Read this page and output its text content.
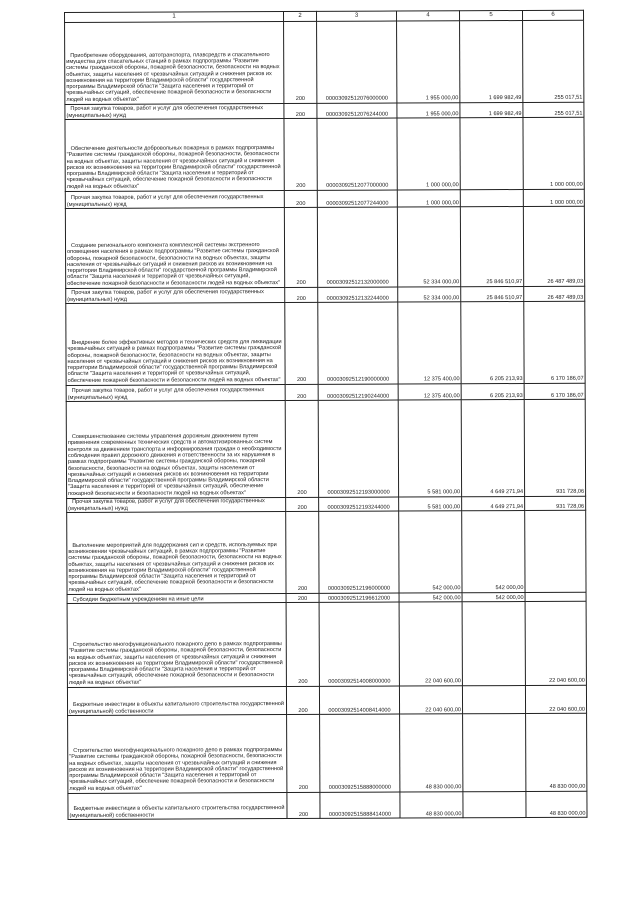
1	2	3	4	5	6
Приобретение оборудования, автотранспорта, плавсредств и спасательного имущества для спасательных станций в рамках подпрограммы "Развитие системы гражданской обороны, пожарной безопасности, безопасности на водных объектах, защиты населения от чрезвычайных ситуаций и снижения рисков их возникновения на территории Владимирской области" государственной программы Владимирской области "Защита населения и территорий от чрезвычайных ситуаций, обеспечение пожарной безопасности и безопасности людей на водных объектах"	200	00003092512076000000	1 955 000,00	1 699 982,49	255 017,51
Прочая закупка товаров, работ и услуг для обеспечения государственных (муниципальных) нужд	200	00003092512076244000	1 955 000,00	1 699 982,49	255 017,51
Обеспечение деятельности добровольных пожарных в рамках подпрограммы "Развитие системы гражданской обороны, пожарной безопасности, безопасности на водных объектах, защиты населения от чрезвычайных ситуаций и снижения рисков их возникновения на территории Владимирской области" государственной программы Владимирской области "Защита населения и территорий от чрезвычайных ситуаций, обеспечение пожарной безопасности и безопасности людей на водных объектах"	200	00003092512077000000	1 000 000,00		1 000 000,00
Прочая закупка товаров, работ и услуг для обеспечения государственных (муниципальных) нужд	200	00003092512077244000	1 000 000,00		1 000 000,00
Создание регионального компонента комплексной системы экстренного оповещения населения в рамках подпрограммы "Развитие системы гражданской обороны, пожарной безопасности, безопасности на водных объектах, защиты населения от чрезвычайных ситуаций и снижения рисков их возникновения на территории Владимирской области" государственной программы Владимирской области "Защита населения и территорий от чрезвычайных ситуаций, обеспечение пожарной безопасности и безопасности людей на водных объектах"	200	00003092512132000000	52 334 000,00	25 846 510,97	26 487 489,03
Прочая закупка товаров, работ и услуг для обеспечения государственных (муниципальных) нужд	200	00003092512132244000	52 334 000,00	25 846 510,97	26 487 489,03
Внедрение более эффективных методов и технических средств для ликвидации чрезвычайных ситуаций в рамках подпрограммы "Развитие системы гражданской обороны, пожарной безопасности, безопасности на водных объектах, защиты населения от чрезвычайных ситуаций и снижения рисков их возникновения на территории Владимирской области" государственной программы Владимирской области "Защита населения и территорий от чрезвычайных ситуаций, обеспечение пожарной безопасности и безопасности людей на водных объектах"	200	00003092512190000000	12 375 400,00	6 205 213,93	6 170 186,07
Прочая закупка товаров, работ и услуг для обеспечения государственных (муниципальных) нужд	200	00003092512190244000	12 375 400,00	6 205 213,93	6 170 186,07
Совершенствование системы управления дорожным движением путем применения современных технических средств и автоматизированных систем контроля за движением транспорта и информирования граждан о необходимости соблюдения правил дорожного движения и ответственности за их нарушения в рамках подпрограммы "Развитие системы гражданской обороны, пожарной безопасности, безопасности на водных объектах, защиты населения от чрезвычайных ситуаций и снижения рисков их возникновения на территории Владимирской области" государственной программы Владимирской области "Защита населения и территорий от чрезвычайных ситуаций, обеспечение пожарной безопасности и безопасности людей на водных объектах"	200	00003092512193000000	5 581 000,00	4 649 271,94	931 728,06
Прочая закупка товаров, работ и услуг для обеспечения государственных (муниципальных) нужд	200	00003092512193244000	5 581 000,00	4 649 271,94	931 728,06
Выполнение мероприятий для поддержания сил и средств, используемых при возникновении чрезвычайных ситуаций, в рамках подпрограммы "Развитие системы гражданской обороны, пожарной безопасности, безопасности на водных объектах, защиты населения от чрезвычайных ситуаций и снижения рисков их возникновения на территории Владимирской области" государственной программы Владимирской области "Защита населения и территорий от чрезвычайных ситуаций, обеспечение пожарной безопасности и безопасности людей на водных объектах"	200	00003092512196000000	542 000,00	542 000,00	
Субсидии бюджетным учреждениям на иные цели	200	00003092512196612000	542 000,00	542 000,00	
Строительство многофункционального пожарного депо в рамках подпрограммы "Развитие системы гражданской обороны, пожарной безопасности, безопасности на водных объектах, защиты населения от чрезвычайных ситуаций и снижения рисков их возникновения на территории Владимирской области" государственной программы Владимирской области "Защита населения и территорий от чрезвычайных ситуаций, обеспечение пожарной безопасности и безопасности людей на водных объектах"	200	00003092514008000000	22 040 600,00		22 040 600,00
Бюджетные инвестиции в объекты капитального строительства государственной (муниципальной) собственности	200	00003092514008414000	22 040 600,00		22 040 600,00
Строительство многофункционального пожарного депо в рамках подпрограммы "Развитие системы гражданской обороны, пожарной безопасности, безопасности на водных объектах, защиты населения от чрезвычайных ситуаций и снижения рисков их возникновения на территории Владимирской области" государственной программы Владимирской области "Защита населения и территорий от чрезвычайных ситуаций, обеспечение пожарной безопасности и безопасности людей на водных объектах"	200	00003092515888000000	48 830 000,00		48 830 000,00
Бюджетные инвестиции в объекты капитального строительства государственной (муниципальной) собственности	200	00003092515888414000	48 830 000,00		48 830 000,00
